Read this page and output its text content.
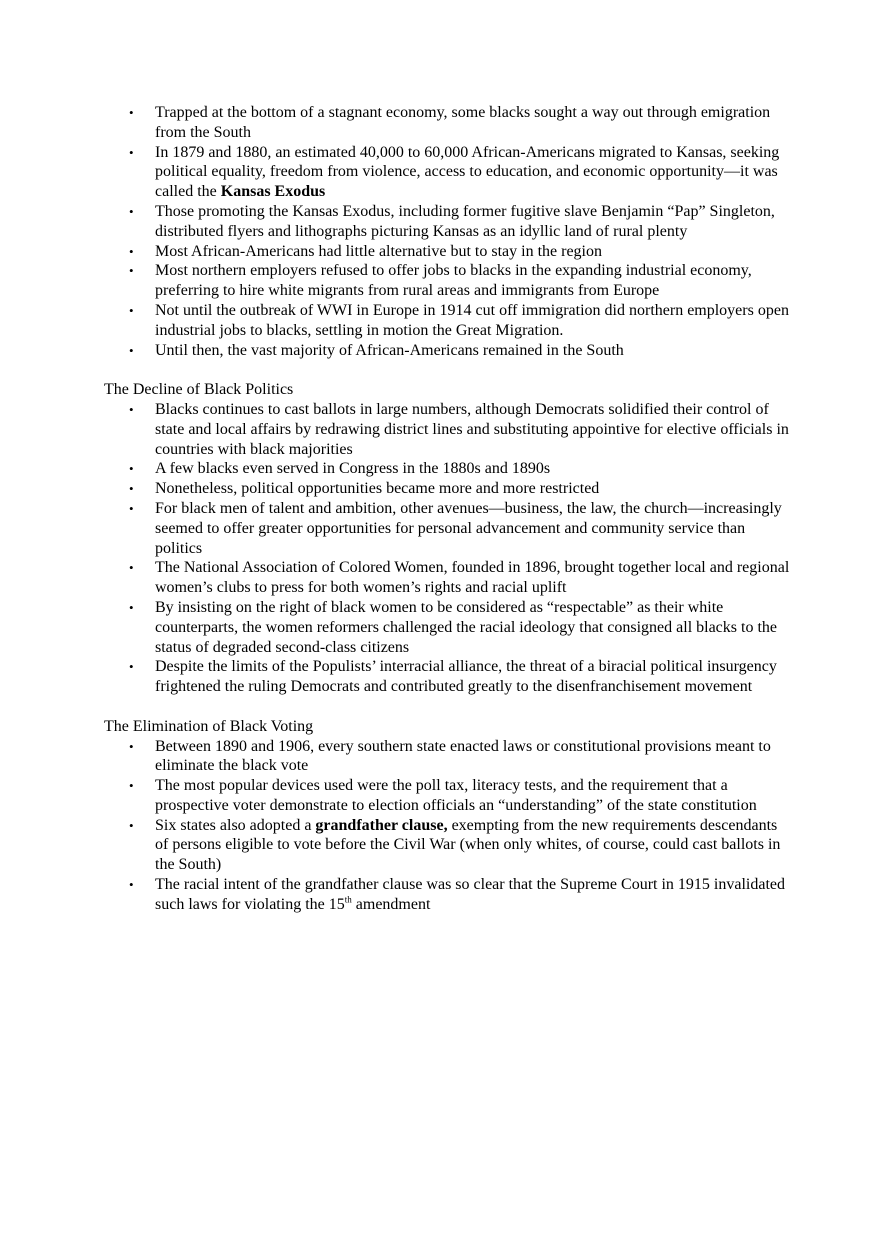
• Trapped at the bottom of a stagnant economy, some blacks sought a way out through emigration from the South
• In 1879 and 1880, an estimated 40,000 to 60,000 African-Americans migrated to Kansas, seeking political equality, freedom from violence, access to education, and economic opportunity—it was called the Kansas Exodus
• Those promoting the Kansas Exodus, including former fugitive slave Benjamin “Pap” Singleton, distributed flyers and lithographs picturing Kansas as an idyllic land of rural plenty
• Most African-Americans had little alternative but to stay in the region
• Most northern employers refused to offer jobs to blacks in the expanding industrial economy, preferring to hire white migrants from rural areas and immigrants from Europe
• Not until the outbreak of WWI in Europe in 1914 cut off immigration did northern employers open industrial jobs to blacks, settling in motion the Great Migration.
• Until then, the vast majority of African-Americans remained in the South

The Decline of Black Politics

• Blacks continues to cast ballots in large numbers, although Democrats solidified their control of state and local affairs by redrawing district lines and substituting appointive for elective officials in countries with black majorities
• A few blacks even served in Congress in the 1880s and 1890s
• Nonetheless, political opportunities became more and more restricted
• For black men of talent and ambition, other avenues—business, the law, the church—increasingly seemed to offer greater opportunities for personal advancement and community service than politics
• The National Association of Colored Women, founded in 1896, brought together local and regional women’s clubs to press for both women’s rights and racial uplift
• By insisting on the right of black women to be considered as “respectable” as their white counterparts, the women reformers challenged the racial ideology that consigned all blacks to the status of degraded second-class citizens
• Despite the limits of the Populists’ interracial alliance, the threat of a biracial political insurgency frightened the ruling Democrats and contributed greatly to the disenfranchisement movement

The Elimination of Black Voting

• Between 1890 and 1906, every southern state enacted laws or constitutional provisions meant to eliminate the black vote
• The most popular devices used were the poll tax, literacy tests, and the requirement that a prospective voter demonstrate to election officials an “understanding” of the state constitution
• Six states also adopted a grandfather clause, exempting from the new requirements descendants of persons eligible to vote before the Civil War (when only whites, of course, could cast ballots in the South)
• The racial intent of the grandfather clause was so clear that the Supreme Court in 1915 invalidated such laws for violating the 15th amendment
